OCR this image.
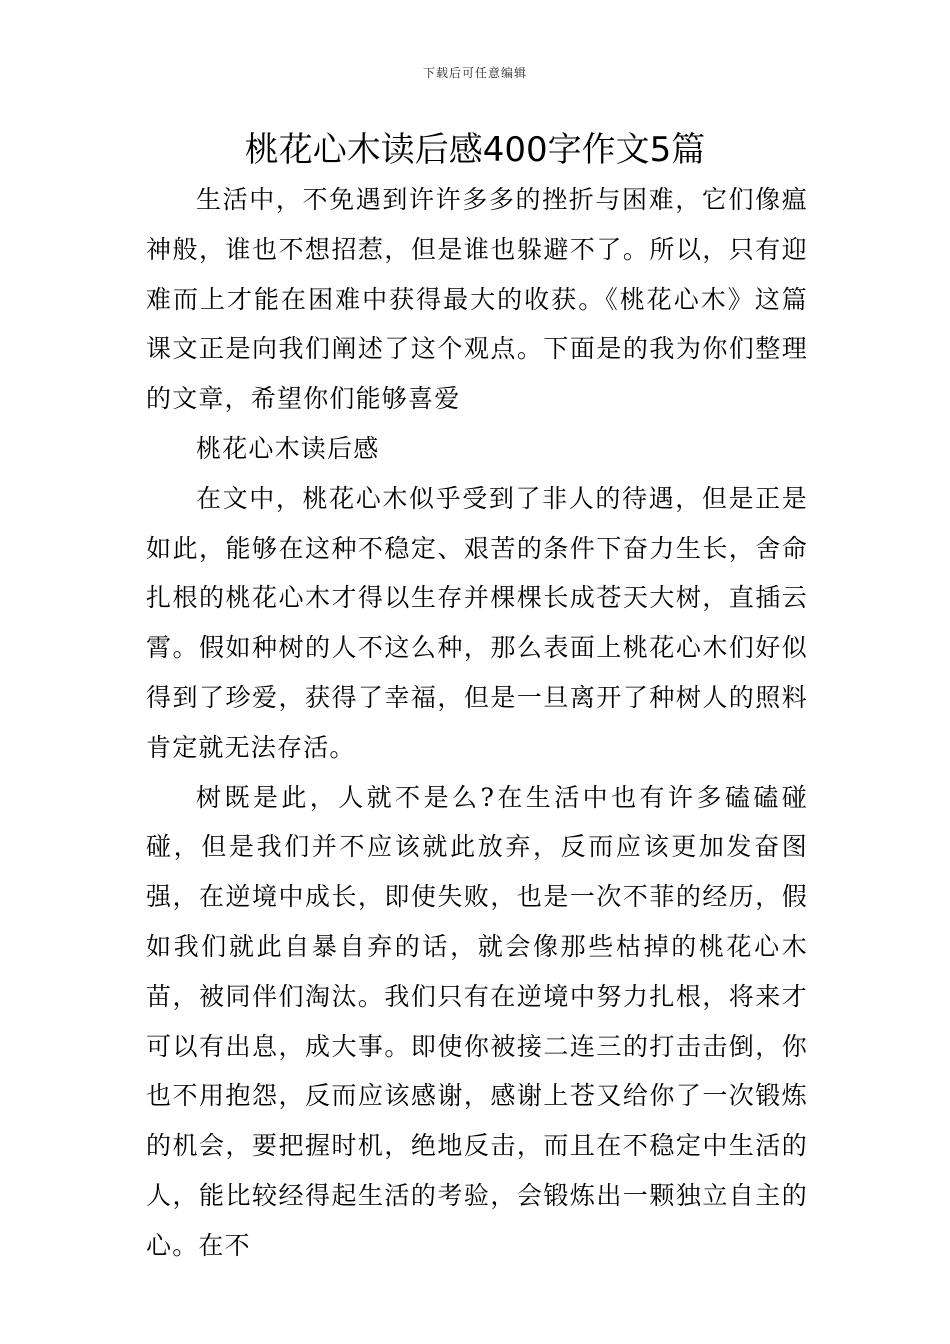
下载后可任意编辑
桃花心木读后感400字作文5篇

生活中，不免遇到许许多多的挫折与困难，它们像瘟神般，谁也不想招惹，但是谁也躲避不了。所以，只有迎难而上才能在困难中获得最大的收获。《桃花心木》这篇课文正是向我们阐述了这个观点。下面是的我为你们整理的文章，希望你们能够喜爱

桃花心木读后感

在文中，桃花心木似乎受到了非人的待遇，但是正是如此，能够在这种不稳定、艰苦的条件下奋力生长，舍命扎根的桃花心木才得以生存并棵棵长成苍天大树，直插云霄。假如种树的人不这么种，那么表面上桃花心木们好似得到了珍爱，获得了幸福，但是一旦离开了种树人的照料肯定就无法存活。

树既是此，人就不是么?在生活中也有许多磕磕碰碰，但是我们并不应该就此放弃，反而应该更加发奋图强，在逆境中成长，即使失败，也是一次不菲的经历，假如我们就此自暴自弃的话，就会像那些枯掉的桃花心木苗，被同伴们淘汰。我们只有在逆境中努力扎根，将来才可以有出息，成大事。即使你被接二连三的打击击倒，你也不用抱怨，反而应该感谢，感谢上苍又给你了一次锻炼的机会，要把握时机，绝地反击，而且在不稳定中生活的人，能比较经得起生活的考验，会锻炼出一颗独立自主的心。在不
